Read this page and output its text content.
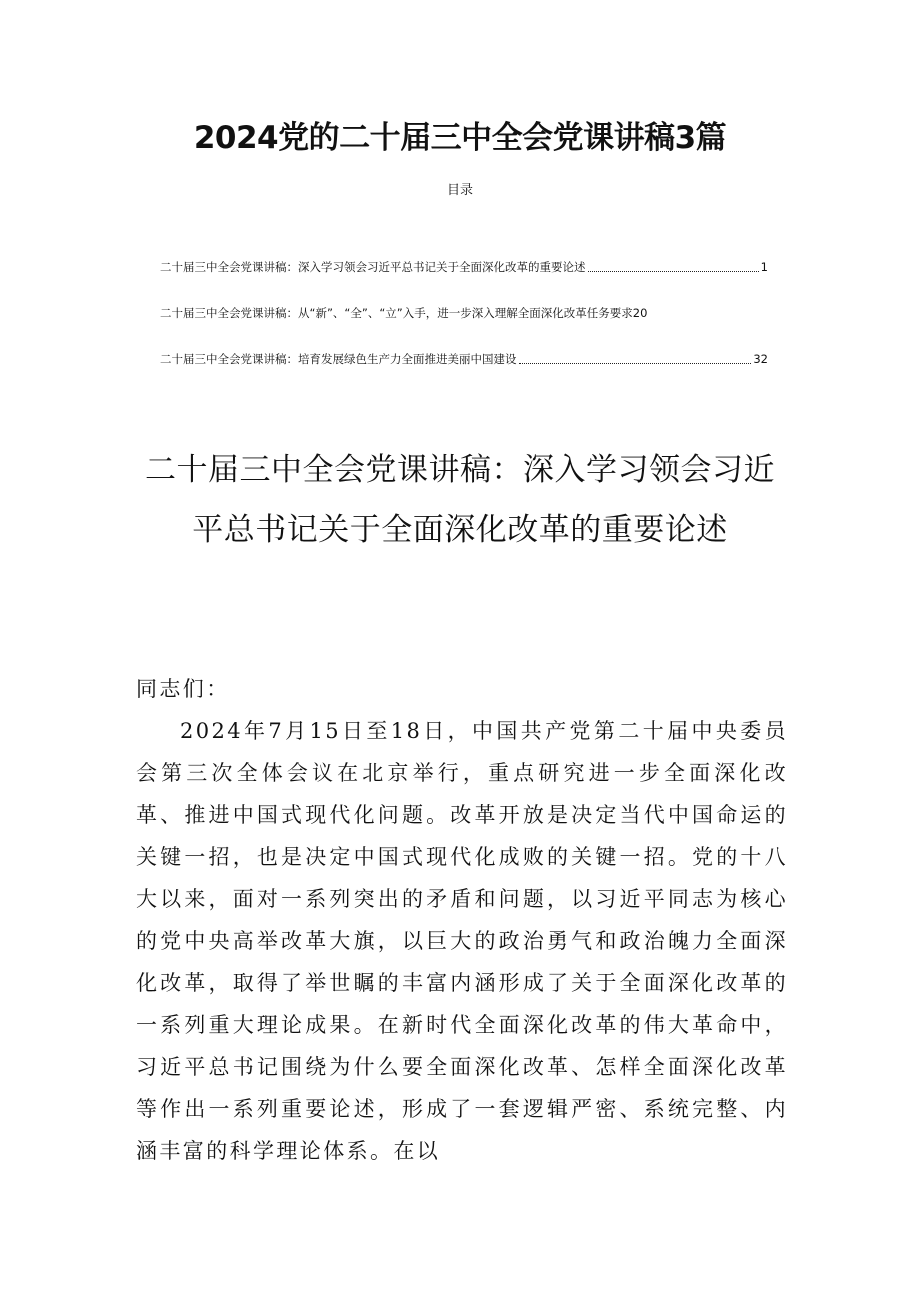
2024党的二十届三中全会党课讲稿3篇
目录
二十届三中全会党课讲稿：深入学习领会习近平总书记关于全面深化改革的重要论述	1
二十届三中全会党课讲稿：从“新”、“全”、“立”入手，进一步深入理解全面深化改革任务要求 20
二十届三中全会党课讲稿：培育发展绿色生产力全面推进美丽中国建设	32
二十届三中全会党课讲稿：深入学习领会习近平总书记关于全面深化改革的重要论述

同志们：

2024年7月15日至18日，中国共产党第二十届中央委员会第三次全体会议在北京举行，重点研究进一步全面深化改革、推进中国式现代化问题。改革开放是决定当代中国命运的关键一招，也是决定中国式现代化成败的关键一招。党的十八大以来，面对一系列突出的矛盾和问题，以习近平同志为核心的党中央高举改革大旗，以巨大的政治勇气和政治魄力全面深化改革，取得了举世瞩的丰富内涵形成了关于全面深化改革的一系列重大理论成果。在新时代全面深化改革的伟大革命中，习近平总书记围绕为什么要全面深化改革、怎样全面深化改革等作出一系列重要论述，形成了一套逻辑严密、系统完整、内涵丰富的科学理论体系。在以
